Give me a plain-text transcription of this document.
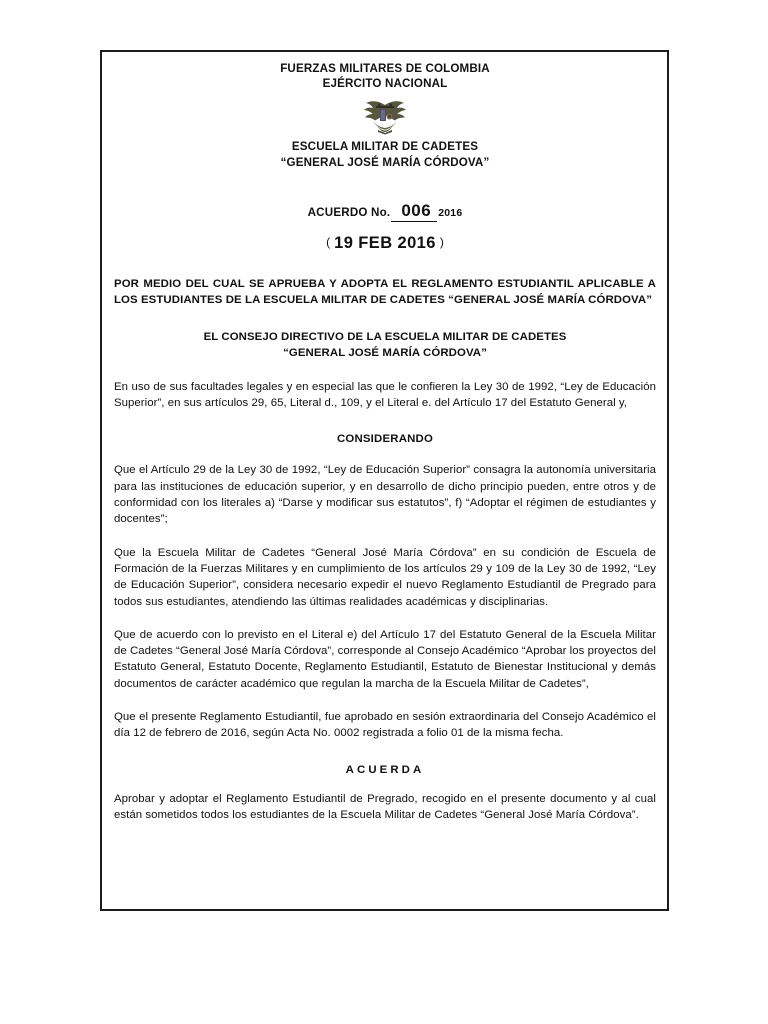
FUERZAS MILITARES DE COLOMBIA
EJÉRCITO NACIONAL
ESCUELA MILITAR DE CADETES
“GENERAL JOSÉ MARÍA CÓRDOVA”
ACUERDO No. 006 2016
( 19 FEB 2016 )
POR MEDIO DEL CUAL SE APRUEBA Y ADOPTA EL REGLAMENTO ESTUDIANTIL APLICABLE A LOS ESTUDIANTES DE LA ESCUELA MILITAR DE CADETES “GENERAL JOSÉ MARÍA CÓRDOVA”
EL CONSEJO DIRECTIVO DE LA ESCUELA MILITAR DE CADETES
“GENERAL JOSÉ MARÍA CÓRDOVA”
En uso de sus facultades legales y en especial las que le confieren la Ley 30 de 1992, “Ley de Educación Superior”, en sus artículos 29, 65, Literal d., 109, y el Literal e. del Artículo 17 del Estatuto General y,
CONSIDERANDO
Que el Artículo 29 de la Ley 30 de 1992, “Ley de Educación Superior” consagra la autonomía universitaria para las instituciones de educación superior, y en desarrollo de dicho principio pueden, entre otros y de conformidad con los literales a) “Darse y modificar sus estatutos”, f) “Adoptar el régimen de estudiantes y docentes”;
Que la Escuela Militar de Cadetes “General José María Córdova” en su condición de Escuela de Formación de la Fuerzas Militares y en cumplimiento de los artículos 29 y 109 de la Ley 30 de 1992, “Ley de Educación Superior”, considera necesario expedir el nuevo Reglamento Estudiantil de Pregrado para todos sus estudiantes, atendiendo las últimas realidades académicas y disciplinarias.
Que de acuerdo con lo previsto en el Literal e) del Artículo 17 del Estatuto General de la Escuela Militar de Cadetes “General José María Córdova”, corresponde al Consejo Académico “Aprobar los proyectos del Estatuto General, Estatuto Docente, Reglamento Estudiantil, Estatuto de Bienestar Institucional y demás documentos de carácter académico que regulan la marcha de la Escuela Militar de Cadetes”,
Que el presente Reglamento Estudiantil, fue aprobado en sesión extraordinaria del Consejo Académico el día 12 de febrero de 2016, según Acta No. 0002 registrada a folio 01 de la misma fecha.
ACUERDA
Aprobar y adoptar el Reglamento Estudiantil de Pregrado, recogido en el presente documento y al cual están sometidos todos los estudiantes de la Escuela Militar de Cadetes “General José María Córdova”.
